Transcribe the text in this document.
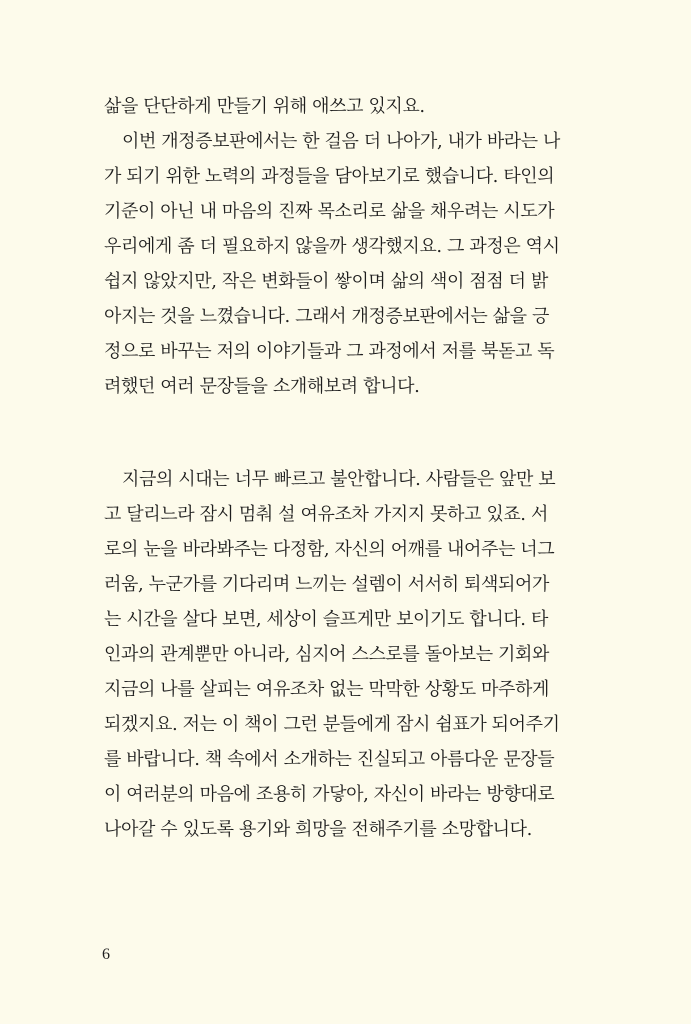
삶을 단단하게 만들기 위해 애쓰고 있지요.
이번 개정증보판에서는 한 걸음 더 나아가, 내가 바라는 나
가 되기 위한 노력의 과정들을 담아보기로 했습니다. 타인의
기준이 아닌 내 마음의 진짜 목소리로 삶을 채우려는 시도가
우리에게 좀 더 필요하지 않을까 생각했지요. 그 과정은 역시
쉽지 않았지만, 작은 변화들이 쌓이며 삶의 색이 점점 더 밝
아지는 것을 느꼈습니다. 그래서 개정증보판에서는 삶을 긍
정으로 바꾸는 저의 이야기들과 그 과정에서 저를 북돋고 독
려했던 여러 문장들을 소개해보려 합니다.
지금의 시대는 너무 빠르고 불안합니다. 사람들은 앞만 보
고 달리느라 잠시 멈춰 설 여유조차 가지지 못하고 있죠. 서
로의 눈을 바라봐주는 다정함, 자신의 어깨를 내어주는 너그
러움, 누군가를 기다리며 느끼는 설렘이 서서히 퇴색되어가
는 시간을 살다 보면, 세상이 슬프게만 보이기도 합니다. 타
인과의 관계뿐만 아니라, 심지어 스스로를 돌아보는 기회와
지금의 나를 살피는 여유조차 없는 막막한 상황도 마주하게
되겠지요. 저는 이 책이 그런 분들에게 잠시 쉼표가 되어주기
를 바랍니다. 책 속에서 소개하는 진실되고 아름다운 문장들
이 여러분의 마음에 조용히 가닿아, 자신이 바라는 방향대로
나아갈 수 있도록 용기와 희망을 전해주기를 소망합니다.
6
